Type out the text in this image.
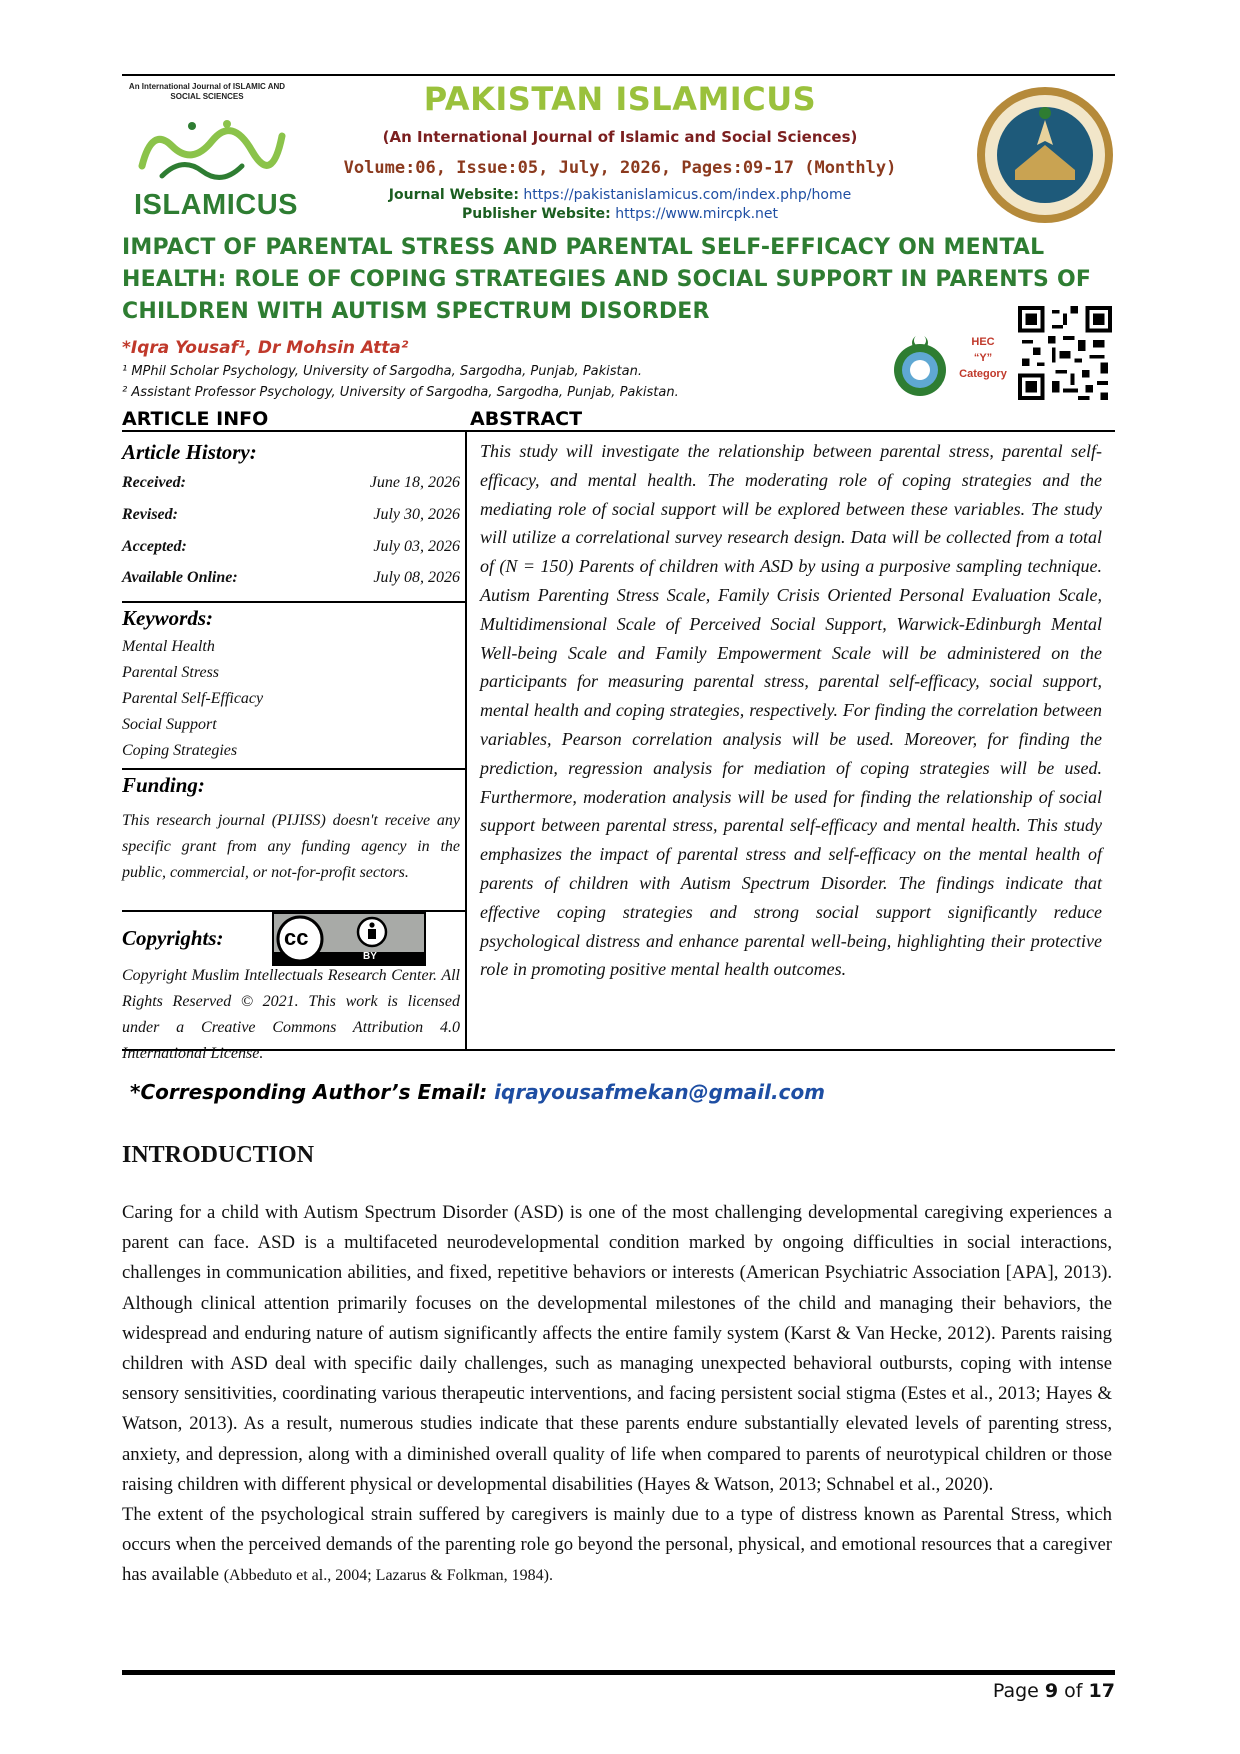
An International Journal of ISLAMIC AND SOCIAL SCIENCES
ISLAMICUS
PAKISTAN ISLAMICUS
(An International Journal of Islamic and Social Sciences)
Volume:06, Issue:05, July, 2026, Pages:09-17 (Monthly)
Journal Website: https://pakistanislamicus.com/index.php/home
Publisher Website: https://www.mircpk.net
IMPACT OF PARENTAL STRESS AND PARENTAL SELF-EFFICACY ON MENTAL HEALTH: ROLE OF COPING STRATEGIES AND SOCIAL SUPPORT IN PARENTS OF CHILDREN WITH AUTISM SPECTRUM DISORDER
*Iqra Yousaf¹, Dr Mohsin Atta²
¹ MPhil Scholar Psychology, University of Sargodha, Sargodha, Punjab, Pakistan.
² Assistant Professor Psychology, University of Sargodha, Sargodha, Punjab, Pakistan.
HEC
“Y”
Category
ARTICLE INFO	ABSTRACT
Article History:
Received:	June 18, 2026
Revised:	July 30, 2026
Accepted:	July 03, 2026
Available Online:	July 08, 2026
Keywords:
Mental Health
Parental Stress
Parental Self-Efficacy
Social Support
Coping Strategies
Funding:
This research journal (PIJISS) doesn't receive any specific grant from any funding agency in the public, commercial, or not-for-profit sectors.
Copyrights:	cc
BY
Copyright Muslim Intellectuals Research Center. All Rights Reserved © 2021. This work is licensed under a Creative Commons Attribution 4.0 International License.
This study will investigate the relationship between parental stress, parental self-efficacy, and mental health. The moderating role of coping strategies and the mediating role of social support will be explored between these variables. The study will utilize a correlational survey research design. Data will be collected from a total of (N = 150) Parents of children with ASD by using a purposive sampling technique. Autism Parenting Stress Scale, Family Crisis Oriented Personal Evaluation Scale, Multidimensional Scale of Perceived Social Support, Warwick-Edinburgh Mental Well-being Scale and Family Empowerment Scale will be administered on the participants for measuring parental stress, parental self-efficacy, social support, mental health and coping strategies, respectively. For finding the correlation between variables, Pearson correlation analysis will be used. Moreover, for finding the prediction, regression analysis for mediation of coping strategies will be used. Furthermore, moderation analysis will be used for finding the relationship of social support between parental stress, parental self-efficacy and mental health. This study emphasizes the impact of parental stress and self-efficacy on the mental health of parents of children with Autism Spectrum Disorder. The findings indicate that effective coping strategies and strong social support significantly reduce psychological distress and enhance parental well-being, highlighting their protective role in promoting positive mental health outcomes.
*Corresponding Author’s Email: iqrayousafmekan@gmail.com
INTRODUCTION

Caring for a child with Autism Spectrum Disorder (ASD) is one of the most challenging developmental caregiving experiences a parent can face. ASD is a multifaceted neurodevelopmental condition marked by ongoing difficulties in social interactions, challenges in communication abilities, and fixed, repetitive behaviors or interests (American Psychiatric Association [APA], 2013). Although clinical attention primarily focuses on the developmental milestones of the child and managing their behaviors, the widespread and enduring nature of autism significantly affects the entire family system (Karst & Van Hecke, 2012). Parents raising children with ASD deal with specific daily challenges, such as managing unexpected behavioral outbursts, coping with intense sensory sensitivities, coordinating various therapeutic interventions, and facing persistent social stigma (Estes et al., 2013; Hayes & Watson, 2013). As a result, numerous studies indicate that these parents endure substantially elevated levels of parenting stress, anxiety, and depression, along with a diminished overall quality of life when compared to parents of neurotypical children or those raising children with different physical or developmental disabilities (Hayes & Watson, 2013; Schnabel et al., 2020).

The extent of the psychological strain suffered by caregivers is mainly due to a type of distress known as Parental Stress, which occurs when the perceived demands of the parenting role go beyond the personal, physical, and emotional resources that a caregiver has available (Abbeduto et al., 2004; Lazarus & Folkman, 1984).

Page 9 of 17
